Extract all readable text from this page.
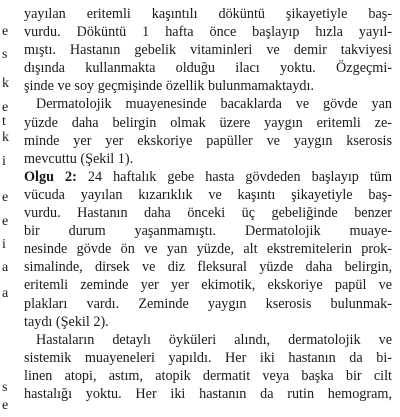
e
s
k
e
t
k
i
e
e
i
a
a
s
e
yayılan eritemli kaşıntılı döküntü şikayetiyle baş-
vurdu. Döküntü 1 hafta önce başlayıp hızla yayıl-
mıştı. Hastanın gebelik vitaminleri ve demir takviyesi
dışında kullanmakta olduğu ilacı yoktu. Özgeçmi-
şinde ve soy geçmişinde özellik bulunmamaktaydı.
Dermatolojik muayenesinde bacaklarda ve gövde yan
yüzde daha belirgin olmak üzere yaygın eritemli ze-
minde yer yer ekskoriye papüller ve yaygın kserosis
mevcuttu (Şekil 1).
Olgu 2: 24 haftalık gebe hasta gövdeden başlayıp tüm
vücuda yayılan kızarıklık ve kaşıntı şikayetiyle baş-
vurdu. Hastanın daha önceki üç gebeliğinde benzer
bir durum yaşanmamıştı. Dermatolojik muaye-
nesinde gövde ön ve yan yüzde, alt ekstremitelerin prok-
simalinde, dirsek ve diz fleksural yüzde daha belirgin,
eritemli zeminde yer yer ekimotik, ekskoriye papül ve
plakları vardı. Zeminde yaygın kserosis bulunmak-
taydı (Şekil 2).
Hastaların detaylı öyküleri alındı, dermatolojik ve
sistemik muayeneleri yapıldı. Her iki hastanın da bi-
linen atopi, astım, atopik dermatit veya başka bir cilt
hastalığı yoktu. Her iki hastanın da rutin hemogram,
